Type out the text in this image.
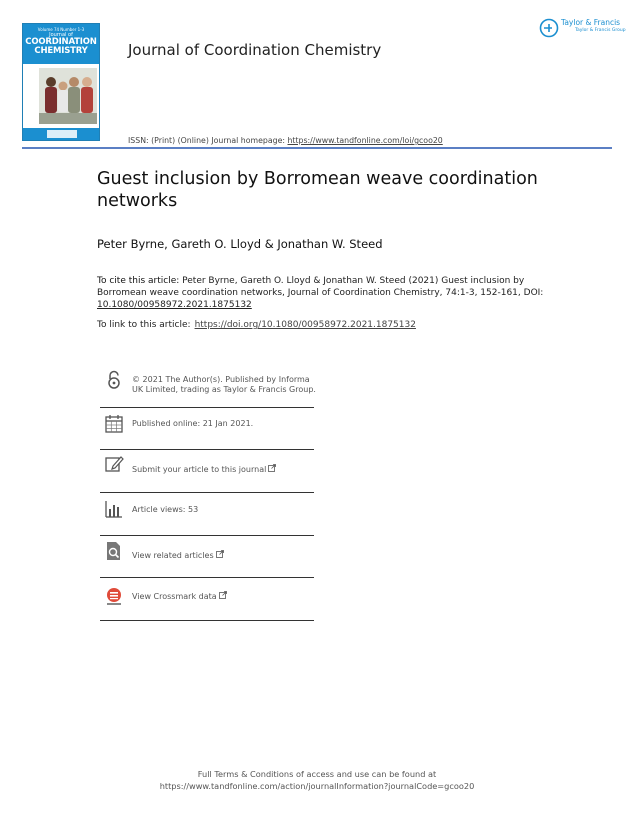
Volume 74 Number 1-3
Journal of
COORDINATION
CHEMISTRY	Journal of Coordination Chemistry
Taylor & Francis
Taylor & Francis Group
ISSN: (Print) (Online) Journal homepage: https://www.tandfonline.com/loi/gcoo20
Guest inclusion by Borromean weave coordination networks
Peter Byrne, Gareth O. Lloyd & Jonathan W. Steed
To cite this article: Peter Byrne, Gareth O. Lloyd & Jonathan W. Steed (2021) Guest inclusion by Borromean weave coordination networks, Journal of Coordination Chemistry, 74:1-3, 152-161, DOI: 10.1080/00958972.2021.1875132
To link to this article: https://doi.org/10.1080/00958972.2021.1875132
© 2021 The Author(s). Published by Informa UK Limited, trading as Taylor & Francis Group.
Published online: 21 Jan 2021.
Submit your article to this journal
Article views: 53
View related articles
View Crossmark data
Full Terms & Conditions of access and use can be found at
https://www.tandfonline.com/action/journalInformation?journalCode=gcoo20
